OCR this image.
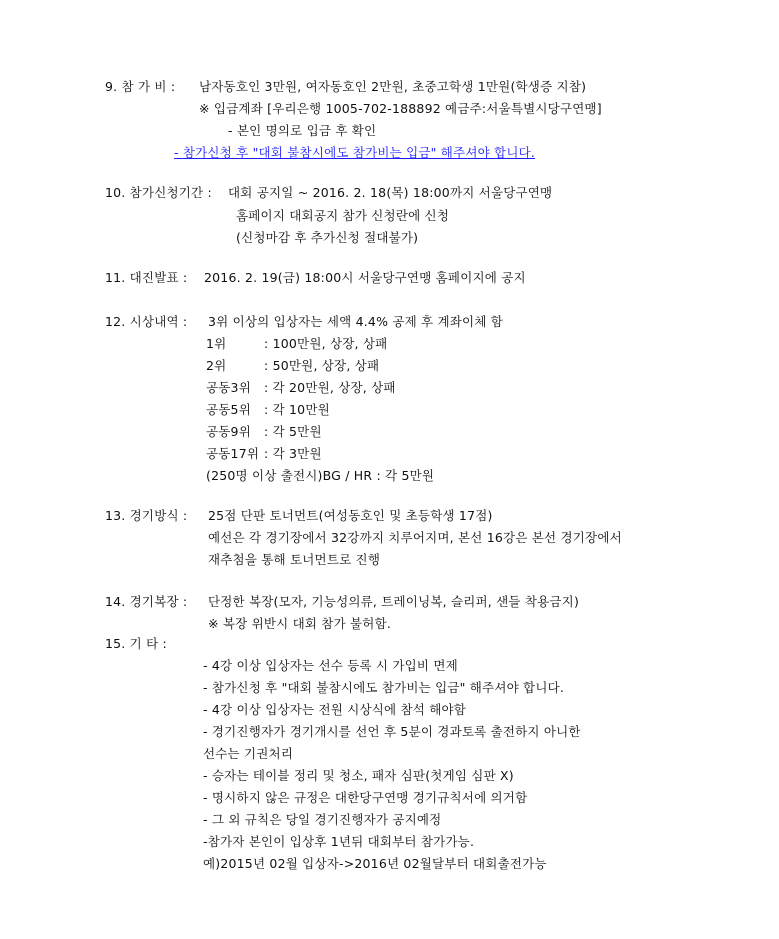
9. 참 가 비 : 남자동호인 3만원, 여자동호인 2만원, 초중고학생 1만원(학생증 지참)
※ 입금계좌 [우리은행 1005-702-188892 예금주:서울특별시당구연맹]
- 본인 명의로 입금 후 확인
- 참가신청 후 "대회 불참시에도 참가비는 입금" 해주셔야 합니다.
10. 참가신청기간 : 대회 공지일 ~ 2016. 2. 18(목) 18:00까지 서울당구연맹
홈페이지 대회공지 참가 신청란에 신청
(신청마감 후 추가신청 절대불가)
11. 대진발표 : 2016. 2. 19(금) 18:00시 서울당구연맹 홈페이지에 공지
12. 시상내역 : 3위 이상의 입상자는 세액 4.4% 공제 후 계좌이체 함
1위	: 100만원, 상장, 상패
2위	: 50만원, 상장, 상패
공동3위 : 각 20만원, 상장, 상패
공동5위 : 각 10만원
공동9위 : 각 5만원
공동17위 : 각 3만원
(250명 이상 출전시)BG / HR : 각 5만원
13. 경기방식 : 25점 단판 토너먼트(여성동호인 및 초등학생 17점)
예선은 각 경기장에서 32강까지 치루어지며, 본선 16강은 본선 경기장에서
재추첨을 통해 토너먼트로 진행
14. 경기복장 : 단정한 복장(모자, 기능성의류, 트레이닝복, 슬리퍼, 샌들 착용금지)
※ 복장 위반시 대회 참가 불허함.
15. 기 타 :
- 4강 이상 입상자는 선수 등록 시 가입비 면제
- 참가신청 후 "대회 불참시에도 참가비는 입금" 해주셔야 합니다.
- 4강 이상 입상자는 전원 시상식에 참석 해야함
- 경기진행자가 경기개시를 선언 후 5분이 경과토록 출전하지 아니한
선수는 기권처리
- 승자는 테이블 정리 및 청소, 패자 심판(첫게임 심판 X)
- 명시하지 않은 규정은 대한당구연맹 경기규칙서에 의거함
- 그 외 규칙은 당일 경기진행자가 공지예정
-참가자 본인이 입상후 1년뒤 대회부터 참가가능.
예)2015년 02월 입상자->2016년 02월달부터 대회출전가능
